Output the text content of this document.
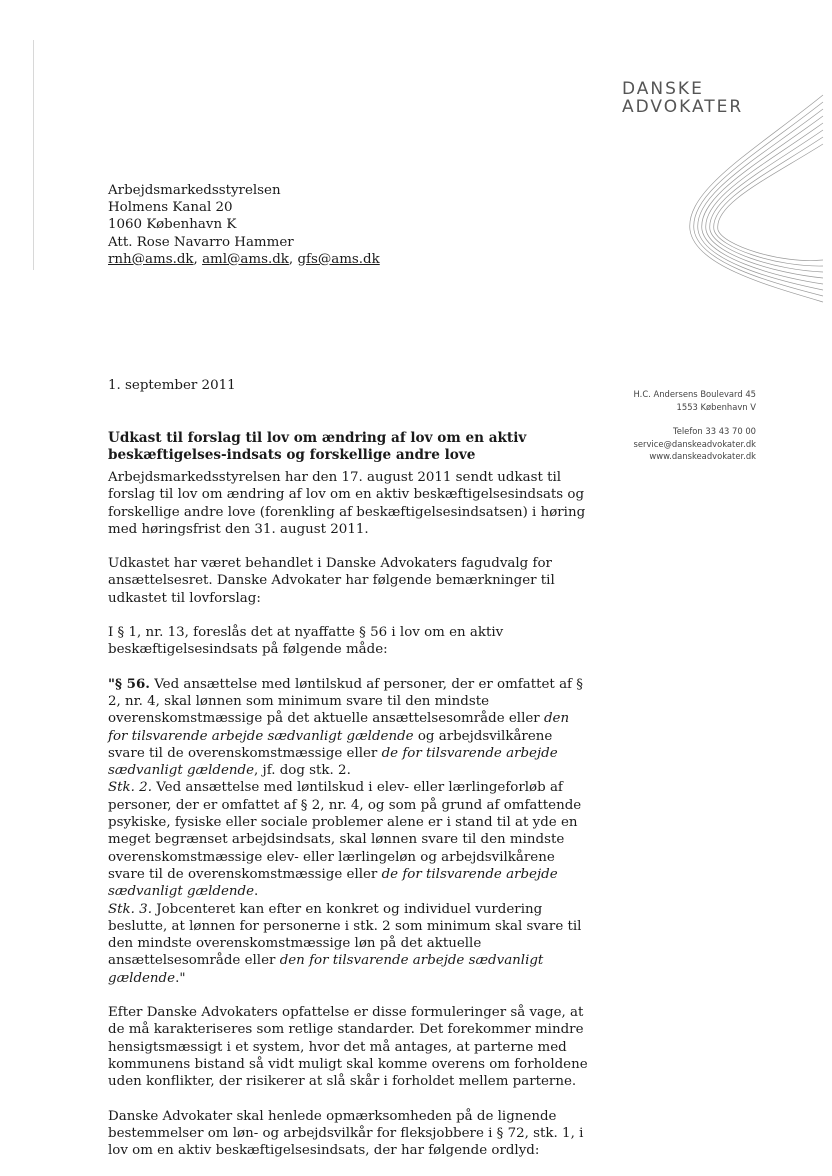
DANSKE
ADVOKATER
Arbejdsmarkedsstyrelsen
Holmens Kanal 20
1060 København K
Att. Rose Navarro Hammer
rnh@ams.dk, aml@ams.dk, gfs@ams.dk
1. september 2011
H.C. Andersens Boulevard 45
1553 København V
Telefon 33 43 70 00
service@danskeadvokater.dk
www.danskeadvokater.dk
Udkast til forslag til lov om ændring af lov om en aktiv beskæftigelses-indsats og forskellige andre love

Arbejdsmarkedsstyrelsen har den 17. august 2011 sendt udkast til forslag til lov om ændring af lov om en aktiv beskæftigelsesindsats og forskellige andre love (forenkling af beskæftigelsesindsatsen) i høring med høringsfrist den 31. august 2011.

Udkastet har været behandlet i Danske Advokaters fagudvalg for ansættelsesret. Danske Advokater har følgende bemærkninger til udkastet til lovforslag:

I § 1, nr. 13, foreslås det at nyaffatte § 56 i lov om en aktiv beskæftigelsesindsats på følgende måde:

"§ 56. Ved ansættelse med løntilskud af personer, der er omfattet af § 2, nr. 4, skal lønnen som minimum svare til den mindste overenskomstmæssige på det aktuelle ansættelsesområde eller den for tilsvarende arbejde sædvanligt gældende og arbejdsvilkårene svare til de overenskomstmæssige eller de for tilsvarende arbejde sædvanligt gældende, jf. dog stk. 2.

Stk. 2. Ved ansættelse med løntilskud i elev- eller lærlingeforløb af personer, der er omfattet af § 2, nr. 4, og som på grund af omfattende psykiske, fysiske eller sociale problemer alene er i stand til at yde en meget begrænset arbejdsindsats, skal lønnen svare til den mindste overenskomstmæssige elev- eller lærlingeløn og arbejdsvilkårene svare til de overenskomstmæssige eller de for tilsvarende arbejde sædvanligt gældende.

Stk. 3. Jobcenteret kan efter en konkret og individuel vurdering beslutte, at lønnen for personerne i stk. 2 som minimum skal svare til den mindste overenskomstmæssige løn på det aktuelle ansættelsesområde eller den for tilsvarende arbejde sædvanligt gældende."

Efter Danske Advokaters opfattelse er disse formuleringer så vage, at de må karakteriseres som retlige standarder. Det forekommer mindre hensigtsmæssigt i et system, hvor det må antages, at parterne med kommunens bistand så vidt muligt skal komme overens om forholdene uden konflikter, der risikerer at slå skår i forholdet mellem parterne.

Danske Advokater skal henlede opmærksomheden på de lignende bestemmelser om løn- og arbejdsvilkår for fleksjobbere i § 72, stk. 1, i lov om en aktiv beskæftigelsesindsats, der har følgende ordlyd:
